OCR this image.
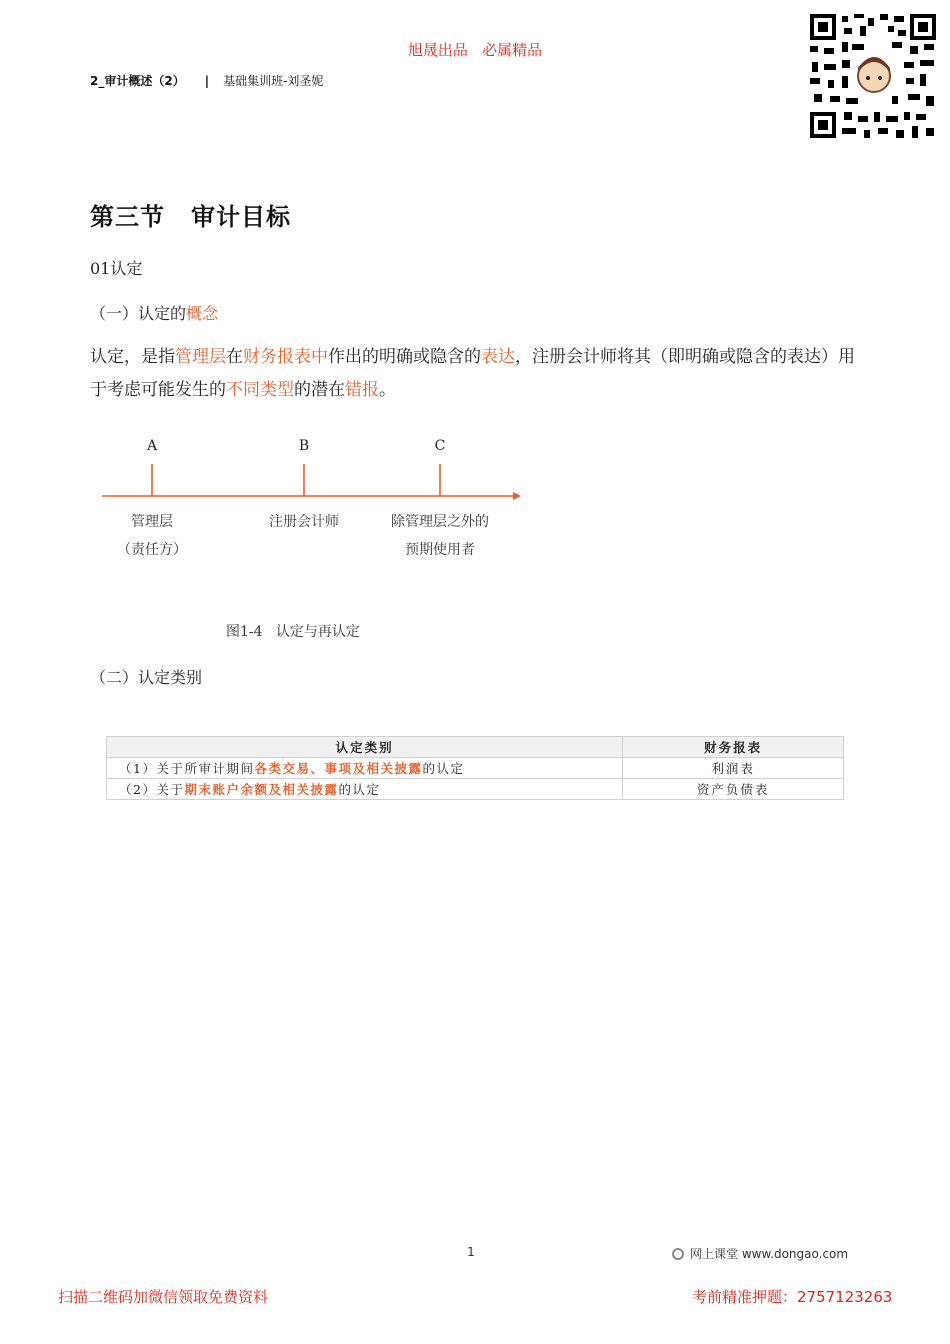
旭晟出品   必属精品
2_审计概述（2） | 基础集训班-刘圣妮
第三节 审计目标
01认定
（一）认定的概念
认定，是指管理层在财务报表中作出的明确或隐含的表达，注册会计师将其（即明确或隐含的表达）用于考虑可能发生的不同类型的潜在错报。
A
管理层
（责任方）
B
注册会计师
C
除管理层之外的
预期使用者
图1-4   认定与再认定
（二）认定类别
认定类别	财务报表
（1）关于所审计期间各类交易、事项及相关披露的认定	利润表
（2）关于期末账户余额及相关披露的认定	资产负债表
1	网上课堂 www.dongao.com
扫描二维码加微信领取免费资料	考前精准押题：2757123263
